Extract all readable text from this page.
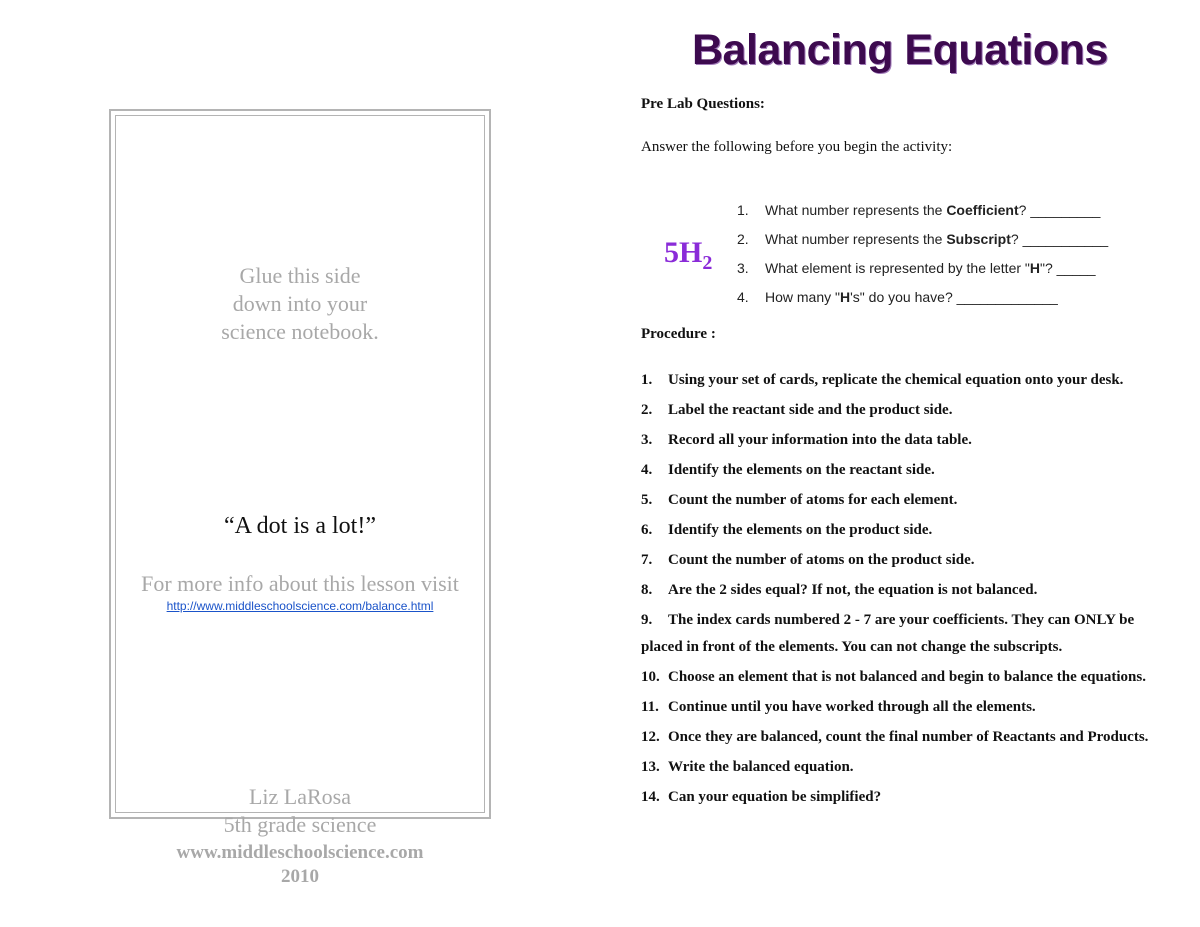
Glue this side
down into your
science notebook.
“A dot is a lot!”
For more info about this lesson visit
http://www.middleschoolscience.com/balance.html
Liz LaRosa
5th grade science
www.middleschoolscience.com
2010
Balancing Equations
Pre Lab Questions:
Answer the following before you begin the activity:
$5H_2$
1. What number represents the Coefficient? _________
2. What number represents the Subscript? ___________
3. What element is represented by the letter "H"? _____
4. How many "H's" do you have? _____________
Procedure :
1. Using your set of cards, replicate the chemical equation onto your desk.
2. Label the reactant side and the product side.
3. Record all your information into the data table.
4. Identify the elements on the reactant side.
5. Count the number of atoms for each element.
6. Identify the elements on the product side.
7. Count the number of atoms on the product side.
8. Are the 2 sides equal? If not, the equation is not balanced.
9. The index cards numbered 2 - 7 are your coefficients. They can ONLY be placed in front of the elements. You can not change the subscripts.
10. Choose an element that is not balanced and begin to balance the equations.
11. Continue until you have worked through all the elements.
12. Once they are balanced, count the final number of Reactants and Products.
13. Write the balanced equation.
14. Can your equation be simplified?
